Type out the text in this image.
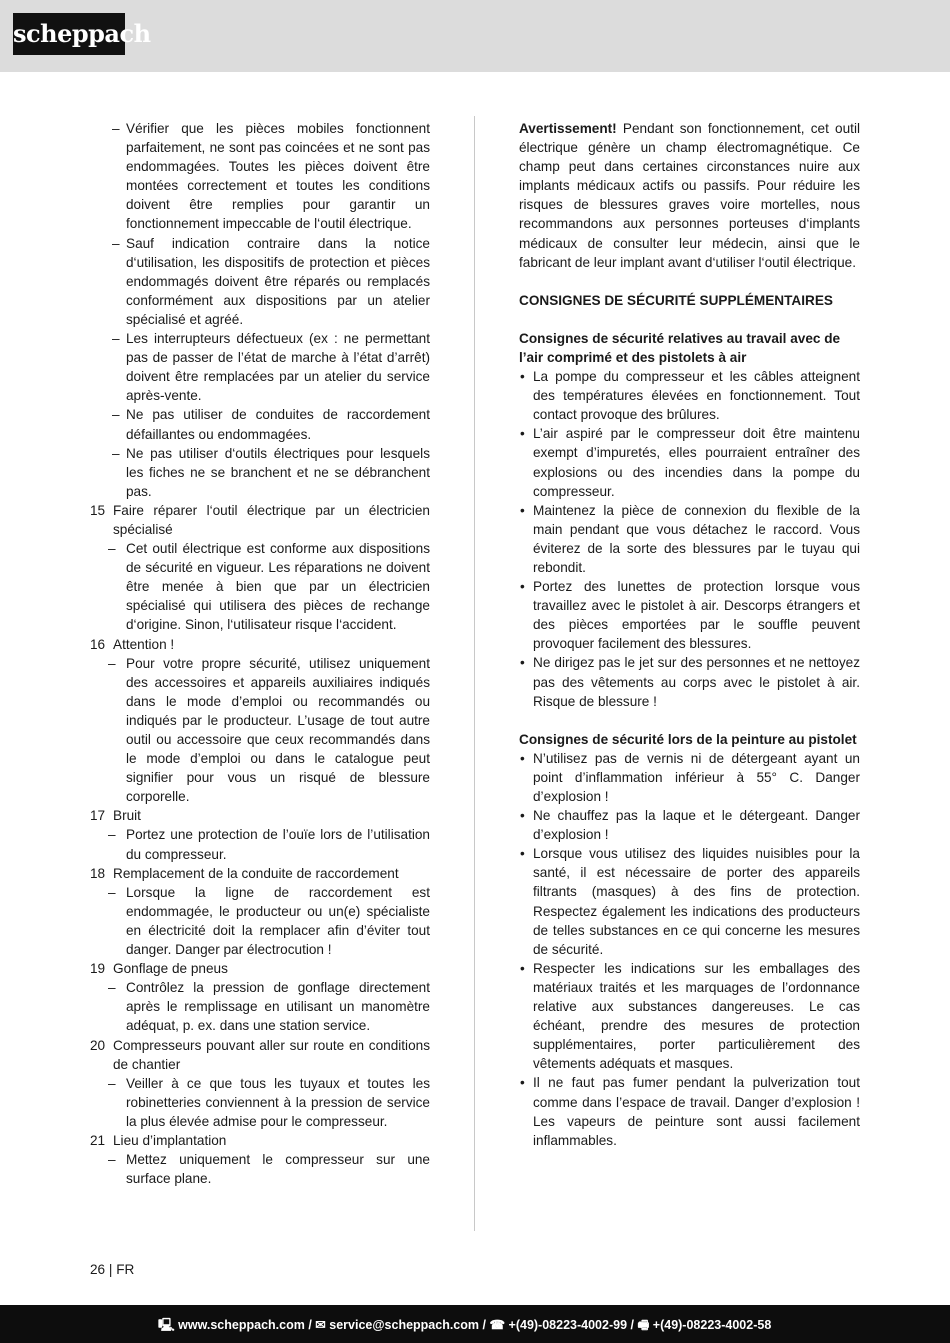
scheppach
– Vérifier que les pièces mobiles fonctionnent parfaitement, ne sont pas coincées et ne sont pas endommagées. Toutes les pièces doivent être montées correctement et toutes les conditions doivent être remplies pour garantir un fonctionnement impeccable de l‘outil électrique.
– Sauf indication contraire dans la notice d‘utilisation, les dispositifs de protection et pièces endommagés doivent être réparés ou remplacés conformément aux dispositions par un atelier spécialisé et agréé.
– Les interrupteurs défectueux (ex : ne permettant pas de passer de l’état de marche à l’état d’arrêt) doivent être remplacées par un atelier du service après-vente.
– Ne pas utiliser de conduites de raccordement défaillantes ou endommagées.
– Ne pas utiliser d‘outils électriques pour lesquels les fiches ne se branchent et ne se débranchent pas.
15 Faire réparer l‘outil électrique par un électricien spécialisé
– Cet outil électrique est conforme aux dispositions de sécurité en vigueur. Les réparations ne doivent être menée à bien que par un électricien spécialisé qui utilisera des pièces de rechange d‘origine. Sinon, l‘utilisateur risque l‘accident.
16 Attention !
– Pour votre propre sécurité, utilisez uniquement des accessoires et appareils auxiliaires indiqués dans le mode d’emploi ou recommandés ou indiqués par le producteur. L’usage de tout autre outil ou accessoire que ceux recommandés dans le mode d’emploi ou dans le catalogue peut signifier pour vous un risqué de blessure corporelle.
17 Bruit
– Portez une protection de l’ouïe lors de l’utilisation du compresseur.
18 Remplacement de la conduite de raccordement
– Lorsque la ligne de raccordement est endommagée, le producteur ou un(e) spécialiste en électricité doit la remplacer afin d’éviter tout danger. Danger par électrocution !
19 Gonflage de pneus
– Contrôlez la pression de gonflage directement après le remplissage en utilisant un manomètre adéquat, p. ex. dans une station service.
20 Compresseurs pouvant aller sur route en conditions de chantier
– Veiller à ce que tous les tuyaux et toutes les robinetteries conviennent à la pression de service la plus élevée admise pour le compresseur.
21 Lieu d’implantation
– Mettez uniquement le compresseur sur une surface plane.
Avertissement! Pendant son fonctionnement, cet outil électrique génère un champ électromagnétique. Ce champ peut dans certaines circonstances nuire aux implants médicaux actifs ou passifs. Pour réduire les risques de blessures graves voire mortelles, nous recommandons aux personnes porteuses d‘implants médicaux de consulter leur médecin, ainsi que le fabricant de leur implant avant d‘utiliser l‘outil électrique.
CONSIGNES DE SÉCURITÉ SUPPLÉMENTAIRES
Consignes de sécurité relatives au travail avec de l’air comprimé et des pistolets à air
• La pompe du compresseur et les câbles atteignent des températures élevées en fonctionnement. Tout contact provoque des brûlures.
• L’air aspiré par le compresseur doit être maintenu exempt d’impuretés, elles pourraient entraîner des explosions ou des incendies dans la pompe du compresseur.
• Maintenez la pièce de connexion du flexible de la main pendant que vous détachez le raccord. Vous éviterez de la sorte des blessures par le tuyau qui rebondit.
• Portez des lunettes de protection lorsque vous travaillez avec le pistolet à air. Descorps étrangers et des pièces emportées par le souffle peuvent provoquer facilement des blessures.
• Ne dirigez pas le jet sur des personnes et ne nettoyez pas des vêtements au corps avec le pistolet à air. Risque de blessure !
Consignes de sécurité lors de la peinture au pistolet
• N’utilisez pas de vernis ni de détergeant ayant un point d’inflammation inférieur à 55° C. Danger d’explosion !
• Ne chauffez pas la laque et le détergeant. Danger d’explosion !
• Lorsque vous utilisez des liquides nuisibles pour la santé, il est nécessaire de porter des appareils filtrants (masques) à des fins de protection. Respectez également les indications des producteurs de telles substances en ce qui concerne les mesures de sécurité.
• Respecter les indications sur les emballages des matériaux traités et les marquages de l’ordonnance relative aux substances dangereuses. Le cas échéant, prendre des mesures de protection supplémentaires, porter particulièrement des vêtements adéquats et masques.
• Il ne faut pas fumer pendant la pulverization tout comme dans l’espace de travail. Danger d’explosion ! Les vapeurs de peinture sont aussi facilement inflammables.
26 | FR
🖳 www.scheppach.com / ✉ service@scheppach.com / ☎ +(49)-08223-4002-99 / 🖷 +(49)-08223-4002-58
